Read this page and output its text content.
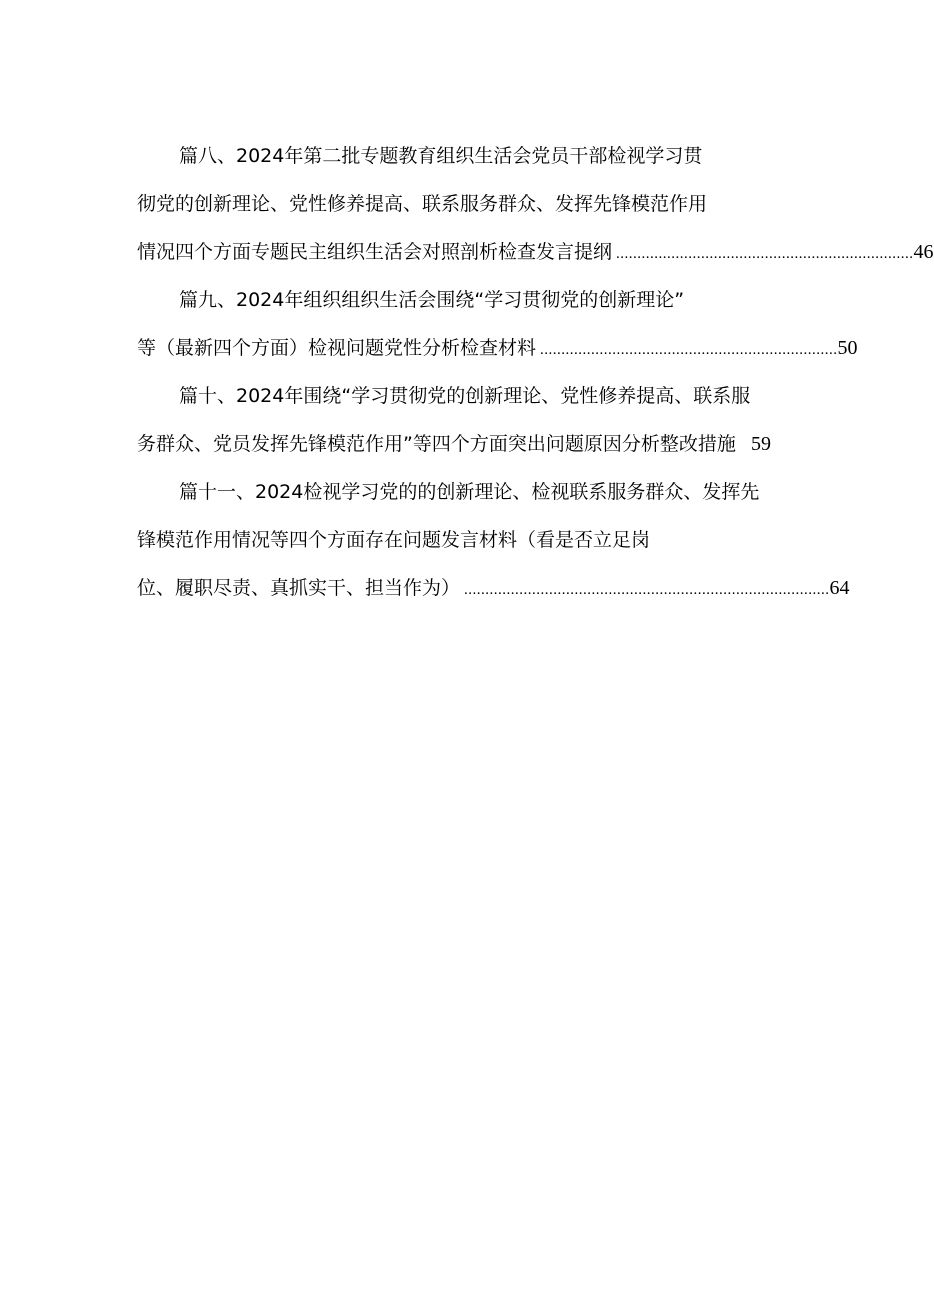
篇八、2024年第二批专题教育组织生活会党员干部检视学习贯
彻党的创新理论、党性修养提高、联系服务群众、发挥先锋模范作用
情况四个方面专题民主组织生活会对照剖析检查发言提纲 ...................................................................... 46
篇九、2024年组织组织生活会围绕“学习贯彻党的创新理论”
等（最新四个方面）检视问题党性分析检查材料 ...................................................................... 50
篇十、2024年围绕“学习贯彻党的创新理论、党性修养提高、联系服
务群众、党员发挥先锋模范作用”等四个方面突出问题原因分析整改措施 59
篇十一、2024检视学习党的的创新理论、检视联系服务群众、发挥先
锋模范作用情况等四个方面存在问题发言材料（看是否立足岗
位、履职尽责、真抓实干、担当作为） ...................................................................................... 64
